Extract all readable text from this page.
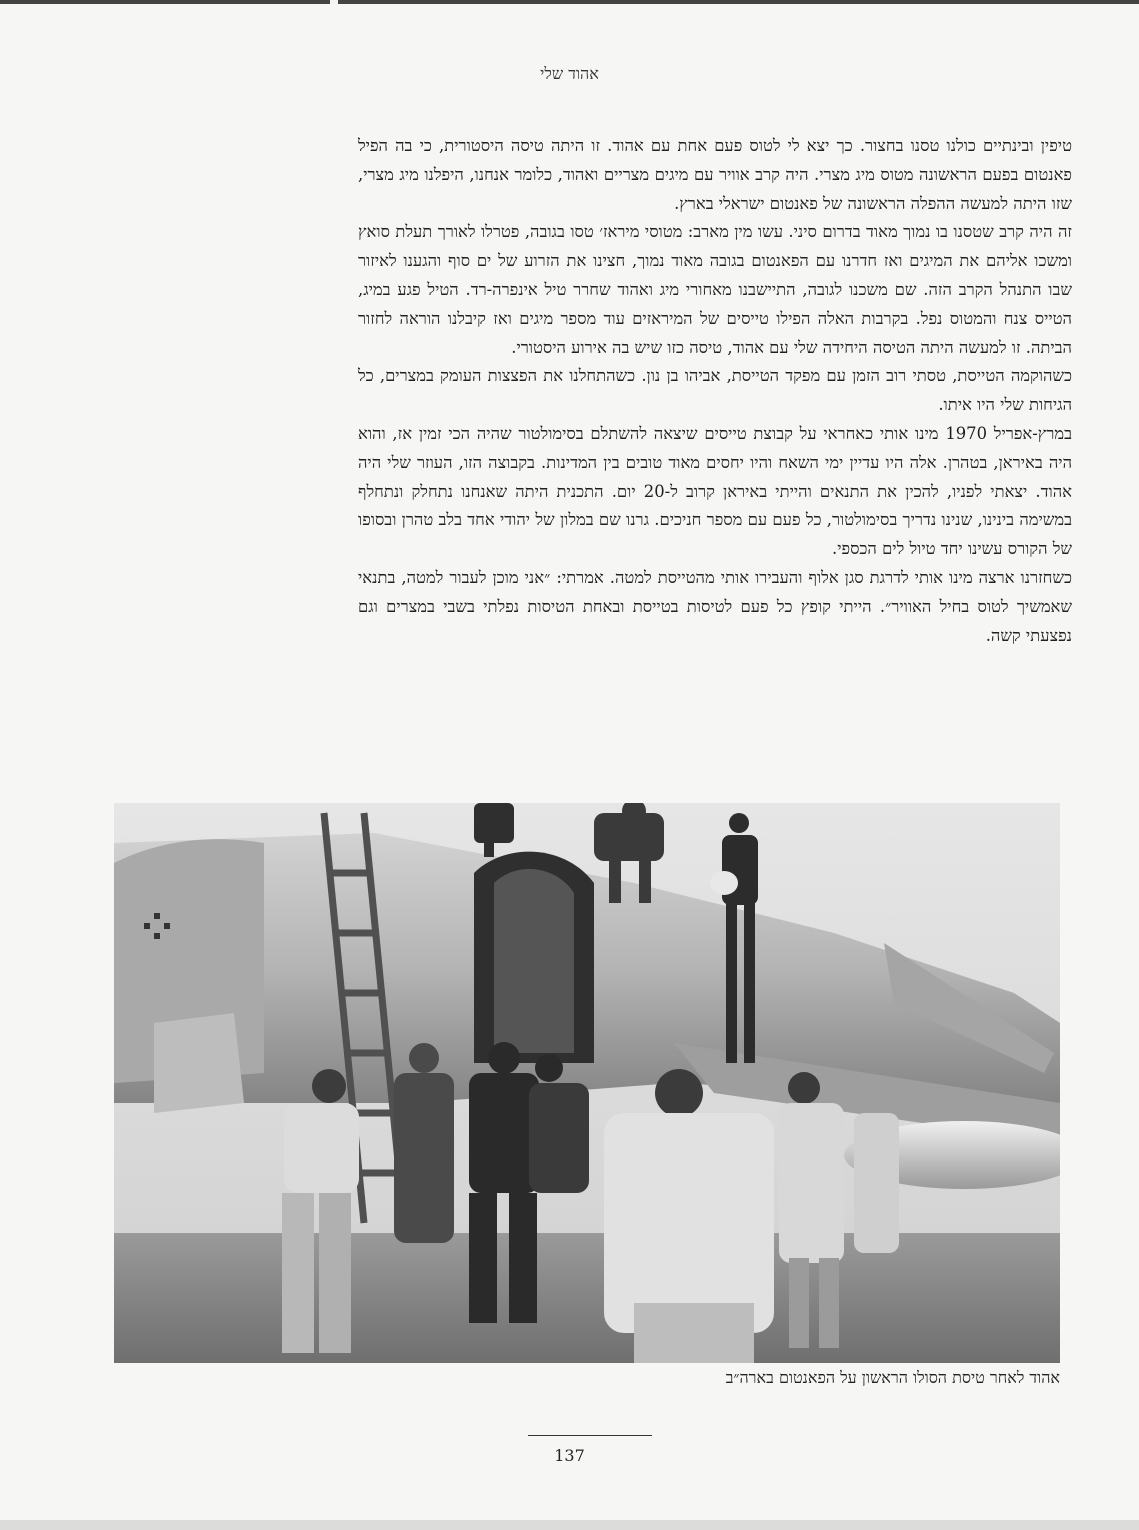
אהוד שלי

טיפין ובינתיים כולנו טסנו בחצור. כך יצא לי לטוס פעם אחת עם אהוד. זו היתה טיסה היסטורית, כי בה הפיל פאנטום בפעם הראשונה מטוס מיג מצרי. היה קרב אוויר עם מיגים מצריים ואהוד, כלומר אנחנו, היפלנו מיג מצרי, שזו היתה למעשה ההפלה הראשונה של פאנטום ישראלי בארץ.

זה היה קרב שטסנו בו נמוך מאוד בדרום סיני. עשו מין מארב: מטוסי מיראז׳ טסו בגובה, פטרלו לאורך תעלת סואץ ומשכו אליהם את המיגים ואז חדרנו עם הפאנטום בגובה מאוד נמוך, חצינו את הזרוע של ים סוף והגענו לאיזור שבו התנהל הקרב הזה. שם משכנו לגובה, התיישבנו מאחורי מיג ואהוד שחרר טיל אינפרה-רד. הטיל פגע במיג, הטייס צנח והמטוס נפל. בקרבות האלה הפילו טייסים של המיראזים עוד מספר מיגים ואז קיבלנו הוראה לחזור הביתה. זו למעשה היתה הטיסה היחידה שלי עם אהוד, טיסה כזו שיש בה אירוע היסטורי.

כשהוקמה הטייסת, טסתי רוב הזמן עם מפקד הטייסת, אביהו בן נון. כשהתחלנו את הפצצות העומק במצרים, כל הגיחות שלי היו איתו.

במרץ-אפריל 1970 מינו אותי כאחראי על קבוצת טייסים שיצאה להשתלם בסימולטור שהיה הכי זמין אז, והוא היה באיראן, בטהרן. אלה היו עדיין ימי השאח והיו יחסים מאוד טובים בין המדינות. בקבוצה הזו, העוזר שלי היה אהוד. יצאתי לפניו, להכין את התנאים והייתי באיראן קרוב ל-20 יום. התכנית היתה שאנחנו נתחלק ונתחלף במשימה בינינו, שנינו נדריך בסימולטור, כל פעם עם מספר חניכים. גרנו שם במלון של יהודי אחד בלב טהרן ובסופו של הקורס עשינו יחד טיול לים הכספי.

כשחזרנו ארצה מינו אותי לדרגת סגן אלוף והעבירו אותי מהטייסת למטה. אמרתי: ״אני מוכן לעבור למטה, בתנאי שאמשיך לטוס בחיל האוויר״. הייתי קופץ כל פעם לטיסות בטייסת ובאחת הטיסות נפלתי בשבי במצרים וגם נפצעתי קשה.

אהוד לאחר טיסת הסולו הראשון על הפאנטום בארה״ב
137
